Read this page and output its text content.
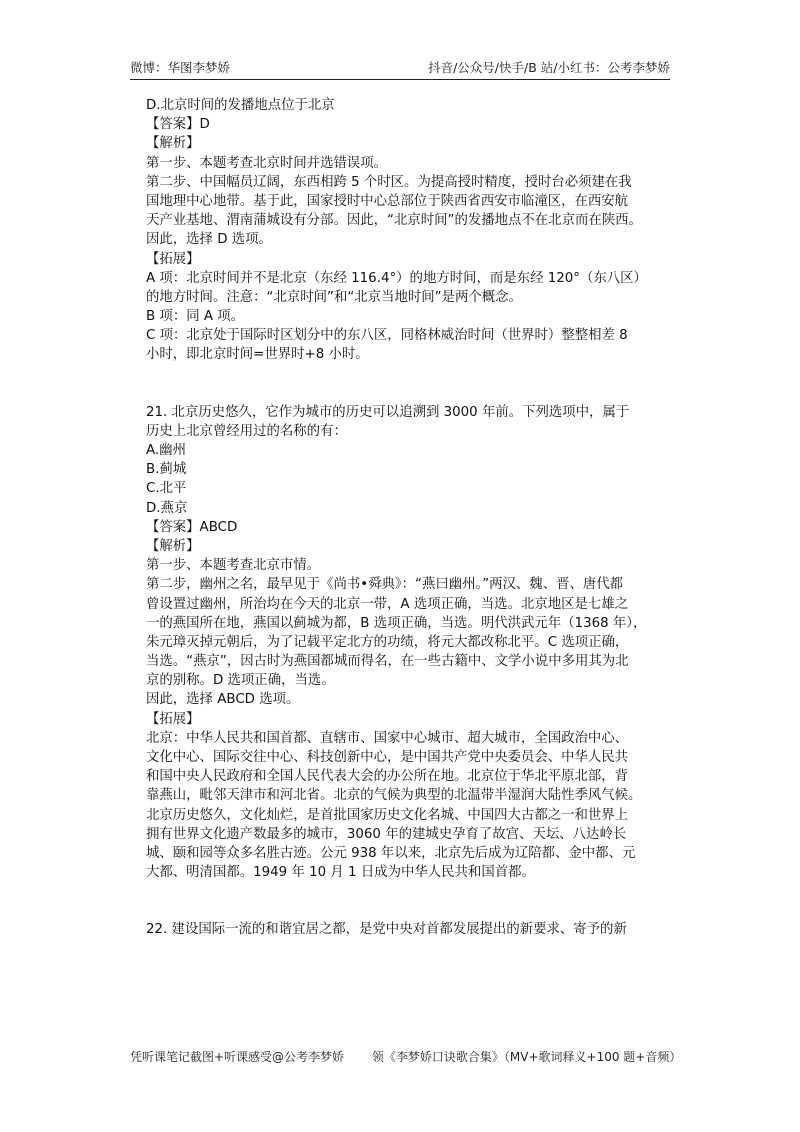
微博：华图李梦娇	抖音/公众号/快手/B 站/小红书：公考李梦娇
D.北京时间的发播地点位于北京
【答案】D
【解析】
第一步、本题考查北京时间并选错误项。
第二步、中国幅员辽阔，东西相跨 5 个时区。为提高授时精度，授时台必须建在我
国地理中心地带。基于此，国家授时中心总部位于陕西省西安市临潼区，在西安航
天产业基地、渭南蒲城设有分部。因此，“北京时间”的发播地点不在北京而在陕西。
因此，选择 D 选项。
【拓展】
A 项：北京时间并不是北京（东经 116.4°）的地方时间，而是东经 120°（东八区）
的地方时间。注意：“北京时间”和“北京当地时间”是两个概念。
B 项：同 A 项。
C 项：北京处于国际时区划分中的东八区，同格林威治时间（世界时）整整相差 8
小时，即北京时间=世界时+8 小时。
21. 北京历史悠久，它作为城市的历史可以追溯到 3000 年前。下列选项中，属于
历史上北京曾经用过的名称的有：
A.幽州
B.蓟城
C.北平
D.燕京
【答案】ABCD
【解析】
第一步、本题考查北京市情。
第二步，幽州之名，最早见于《尚书•舜典》：“燕曰幽州。”两汉、魏、晋、唐代都
曾设置过幽州，所治均在今天的北京一带，A 选项正确，当选。北京地区是七雄之
一的燕国所在地，燕国以蓟城为都，B 选项正确，当选。明代洪武元年（1368 年），
朱元璋灭掉元朝后，为了记载平定北方的功绩，将元大都改称北平。C 选项正确，
当选。“燕京”，因古时为燕国都城而得名，在一些古籍中、文学小说中多用其为北
京的别称。D 选项正确，当选。
因此，选择 ABCD 选项。
【拓展】
北京：中华人民共和国首都、直辖市、国家中心城市、超大城市，全国政治中心、
文化中心、国际交往中心、科技创新中心，是中国共产党中央委员会、中华人民共
和国中央人民政府和全国人民代表大会的办公所在地。北京位于华北平原北部，背
靠燕山，毗邻天津市和河北省。北京的气候为典型的北温带半湿润大陆性季风气候。
北京历史悠久，文化灿烂，是首批国家历史文化名城、中国四大古都之一和世界上
拥有世界文化遗产数最多的城市，3060 年的建城史孕育了故宫、天坛、八达岭长
城、颐和园等众多名胜古迹。公元 938 年以来，北京先后成为辽陪都、金中都、元
大都、明清国都。1949 年 10 月 1 日成为中华人民共和国首都。
22. 建设国际一流的和谐宜居之都，是党中央对首都发展提出的新要求、寄予的新
凭听课笔记截图+听课感受@公考李梦娇 领《李梦娇口诀歌合集》（MV+歌词释义+100 题+音频）
